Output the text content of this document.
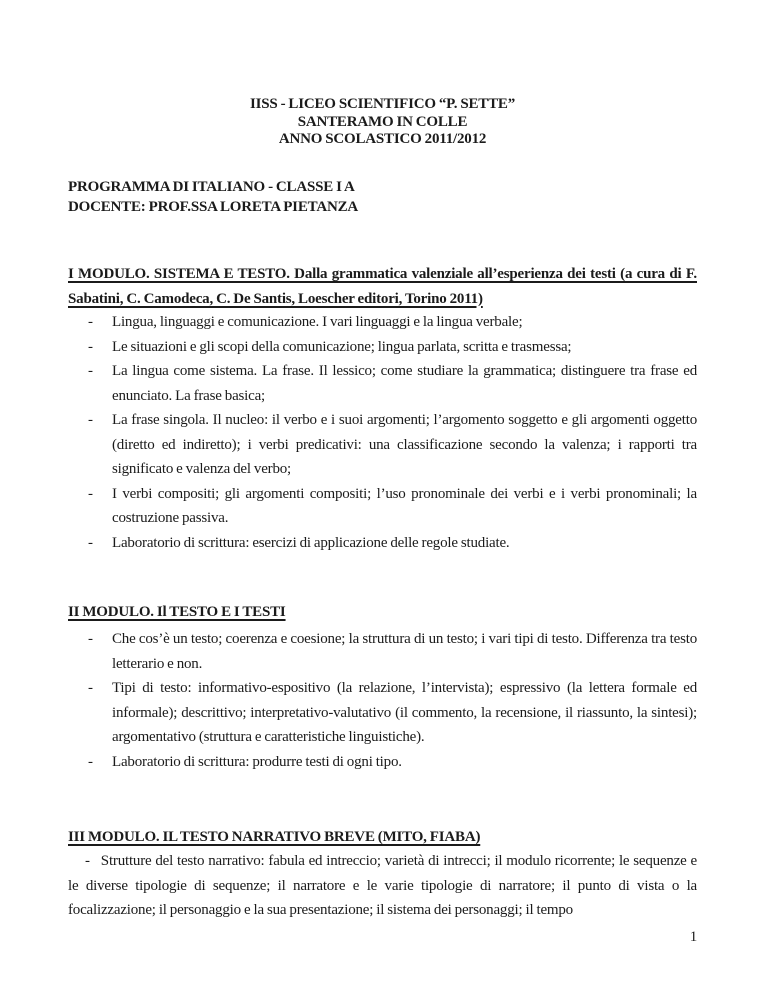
IISS - LICEO SCIENTIFICO “P. SETTE”
SANTERAMO IN COLLE
ANNO SCOLASTICO 2011/2012
PROGRAMMA DI ITALIANO - CLASSE I A
DOCENTE: PROF.SSA LORETA PIETANZA
I MODULO. SISTEMA E TESTO. Dalla grammatica valenziale all’esperienza dei testi (a cura di F. Sabatini, C. Camodeca, C. De Santis, Loescher editori, Torino 2011)
- Lingua, linguaggi e comunicazione. I vari linguaggi e la lingua verbale;
- Le situazioni e gli scopi della comunicazione; lingua parlata, scritta e trasmessa;
- La lingua come sistema. La frase. Il lessico; come studiare la grammatica; distinguere tra frase ed enunciato. La frase basica;
- La frase singola. Il nucleo: il verbo e i suoi argomenti; l’argomento soggetto e gli argomenti oggetto (diretto ed indiretto); i verbi predicativi: una classificazione secondo la valenza; i rapporti tra significato e valenza del verbo;
- I verbi compositi; gli argomenti compositi; l’uso pronominale dei verbi e i verbi pronominali; la costruzione passiva.
- Laboratorio di scrittura: esercizi di applicazione delle regole studiate.
II MODULO. Il TESTO E I TESTI
- Che cos’è un testo; coerenza e coesione; la struttura di un testo; i vari tipi di testo. Differenza tra testo letterario e non.
- Tipi di testo: informativo-espositivo (la relazione, l’intervista); espressivo (la lettera formale ed informale); descrittivo; interpretativo-valutativo (il commento, la recensione, il riassunto, la sintesi); argomentativo (struttura e caratteristiche linguistiche).
- Laboratorio di scrittura: produrre testi di ogni tipo.
III MODULO. IL TESTO NARRATIVO BREVE (MITO, FIABA)

- Strutture del testo narrativo: fabula ed intreccio; varietà di intrecci; il modulo ricorrente; le sequenze e le diverse tipologie di sequenze; il narratore e le varie tipologie di narratore; il punto di vista o la focalizzazione; il personaggio e la sua presentazione; il sistema dei personaggi; il tempo

1
